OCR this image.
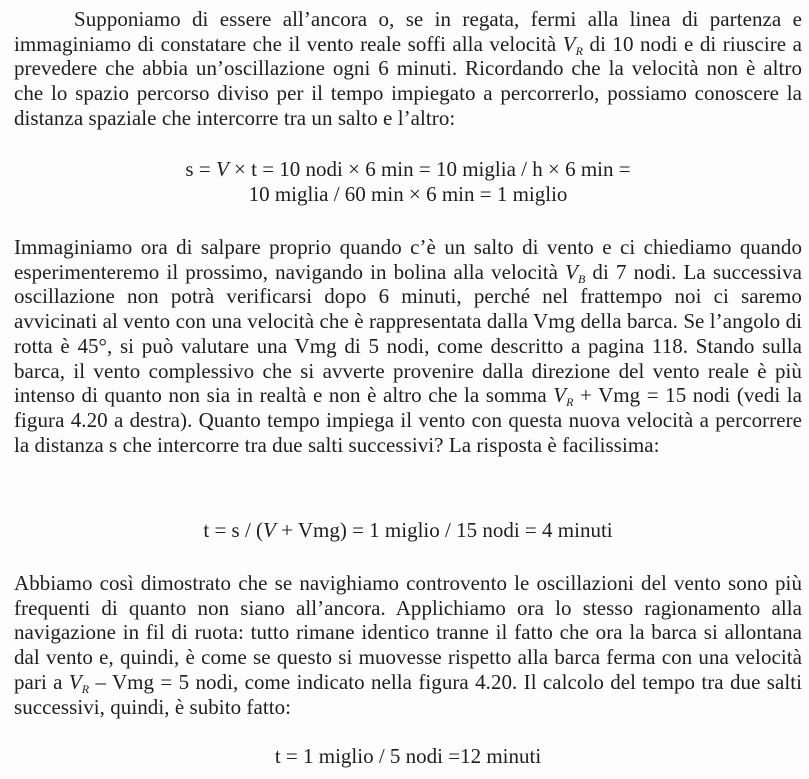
Supponiamo di essere all’ancora o, se in regata, fermi alla linea di partenza e immaginiamo di constatare che il vento reale soffi alla velocità $V_R$ di 10 nodi e di riuscire a prevedere che abbia un’oscillazione ogni 6 minuti. Ricordando che la velocità non è altro che lo spazio percorso diviso per il tempo impiegato a percorrerlo, possiamo conoscere la distanza spaziale che intercorre tra un salto e l’altro:

s = V × t = 10 nodi × 6 min = 10 miglia / h × 6 min =

10 miglia / 60 min × 6 min = 1 miglio

Immaginiamo ora di salpare proprio quando c’è un salto di vento e ci chiediamo quando esperimenteremo il prossimo, navigando in bolina alla velocità $V_B$ di 7 nodi. La successiva oscillazione non potrà verificarsi dopo 6 minuti, perché nel frattempo noi ci saremo avvicinati al vento con una velocità che è rappresentata dalla Vmg della barca. Se l’angolo di rotta è 45°, si può valutare una Vmg di 5 nodi, come descritto a pagina 118. Stando sulla barca, il vento complessivo che si avverte provenire dalla direzione del vento reale è più intenso di quanto non sia in realtà e non è altro che la somma $V_R$ + Vmg = 15 nodi (vedi la figura 4.20 a destra). Quanto tempo impiega il vento con questa nuova velocità a percorrere la distanza s che intercorre tra due salti successivi? La risposta è facilissima:

t = s / (V + Vmg) = 1 miglio / 15 nodi = 4 minuti

Abbiamo così dimostrato che se navighiamo controvento le oscillazioni del vento sono più frequenti di quanto non siano all’ancora. Applichiamo ora lo stesso ragionamento alla navigazione in fil di ruota: tutto rimane identico tranne il fatto che ora la barca si allontana dal vento e, quindi, è come se questo si muovesse rispetto alla barca ferma con una velocità pari a $V_R$ – Vmg = 5 nodi, come indicato nella figura 4.20. Il calcolo del tempo tra due salti successivi, quindi, è subito fatto:

t = 1 miglio / 5 nodi =12 minuti
